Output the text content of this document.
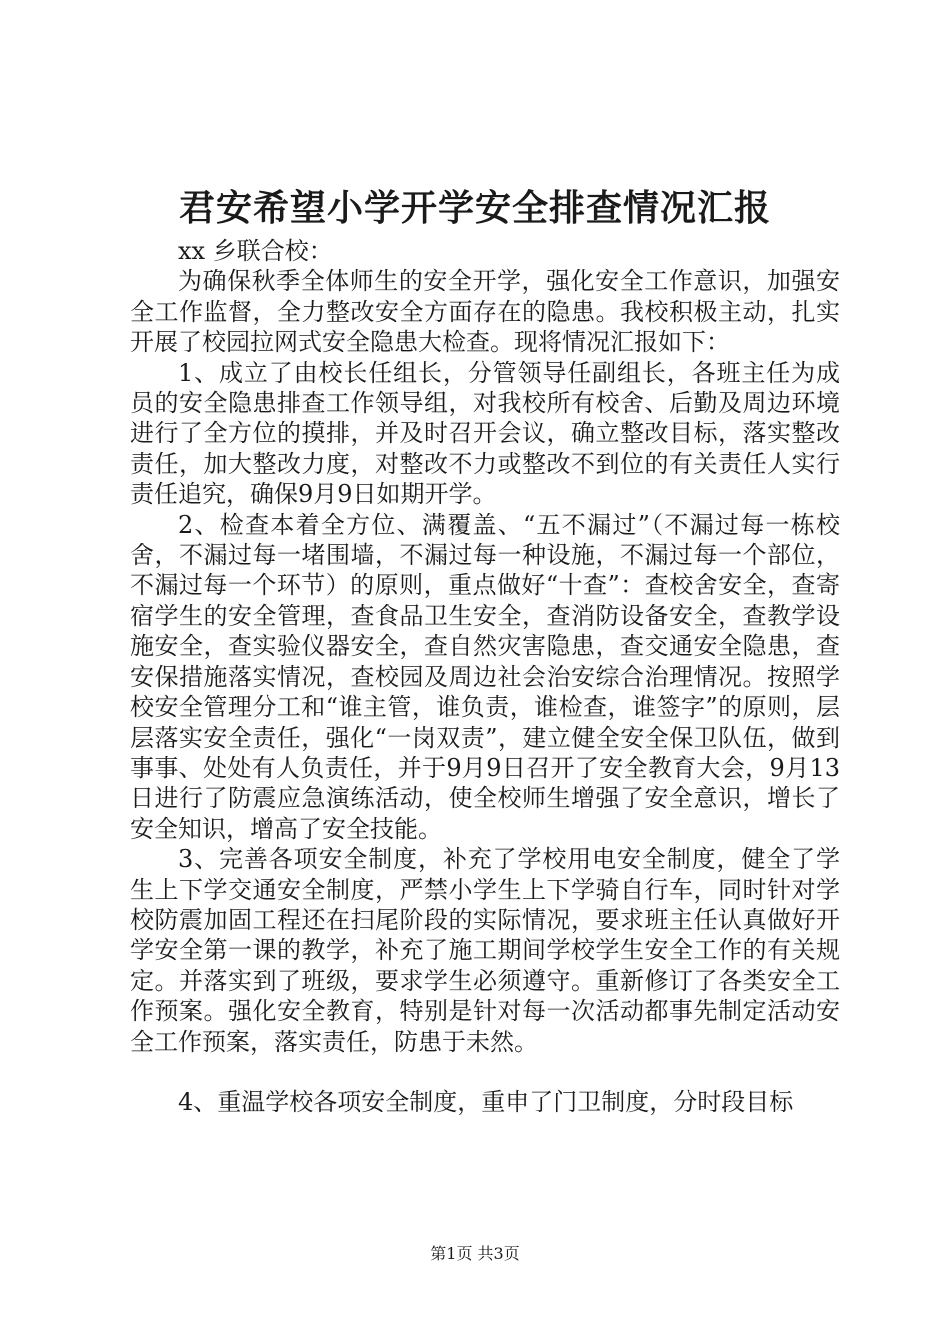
君安希望小学开学安全排查情况汇报

xx 乡联合校：

为确保秋季全体师生的安全开学，强化安全工作意识，加强安全工作监督，全力整改安全方面存在的隐患。我校积极主动，扎实开展了校园拉网式安全隐患大检查。现将情况汇报如下：

1、成立了由校长任组长，分管领导任副组长，各班主任为成员的安全隐患排查工作领导组，对我校所有校舍、后勤及周边环境进行了全方位的摸排，并及时召开会议，确立整改目标，落实整改责任，加大整改力度，对整改不力或整改不到位的有关责任人实行责任追究，确保9月9日如期开学。

2、检查本着全方位、满覆盖、“五不漏过”（不漏过每一栋校舍，不漏过每一堵围墙，不漏过每一种设施，不漏过每一个部位，不漏过每一个环节）的原则，重点做好“十查”：查校舍安全，查寄宿学生的安全管理，查食品卫生安全，查消防设备安全，查教学设施安全，查实验仪器安全，查自然灾害隐患，查交通安全隐患，查安保措施落实情况，查校园及周边社会治安综合治理情况。按照学校安全管理分工和“谁主管，谁负责，谁检查，谁签字”的原则，层层落实安全责任，强化“一岗双责”，建立健全安全保卫队伍，做到事事、处处有人负责任，并于9月9日召开了安全教育大会，9月13日进行了防震应急演练活动，使全校师生增强了安全意识，增长了安全知识，增高了安全技能。

3、完善各项安全制度，补充了学校用电安全制度，健全了学生上下学交通安全制度，严禁小学生上下学骑自行车，同时针对学校防震加固工程还在扫尾阶段的实际情况，要求班主任认真做好开学安全第一课的教学，补充了施工期间学校学生安全工作的有关规定。并落实到了班级，要求学生必须遵守。重新修订了各类安全工作预案。强化安全教育，特别是针对每一次活动都事先制定活动安全工作预案，落实责任，防患于未然。

4、重温学校各项安全制度，重申了门卫制度，分时段目标

第1页 共3页
